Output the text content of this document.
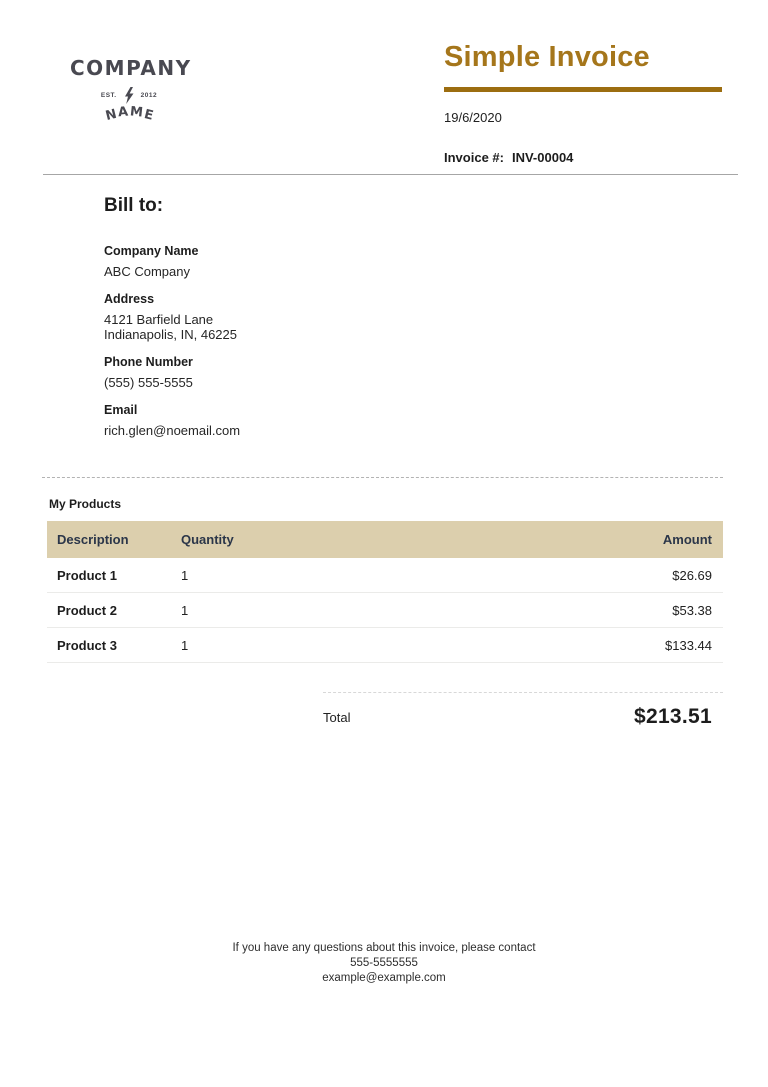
COMPANY
EST.	2012
NAME
Simple Invoice
19/6/2020
Invoice #: INV-00004
Bill to:
Company Name
ABC Company
Address
4121 Barfield Lane
Indianapolis, IN, 46225
Phone Number
(555) 555-5555
Email
rich.glen@noemail.com
My Products
Description	Quantity	Amount
Product 1	1	$26.69
Product 2	1	$53.38
Product 3	1	$133.44
Total	$213.51
If you have any questions about this invoice, please contact
555-5555555
example@example.com
